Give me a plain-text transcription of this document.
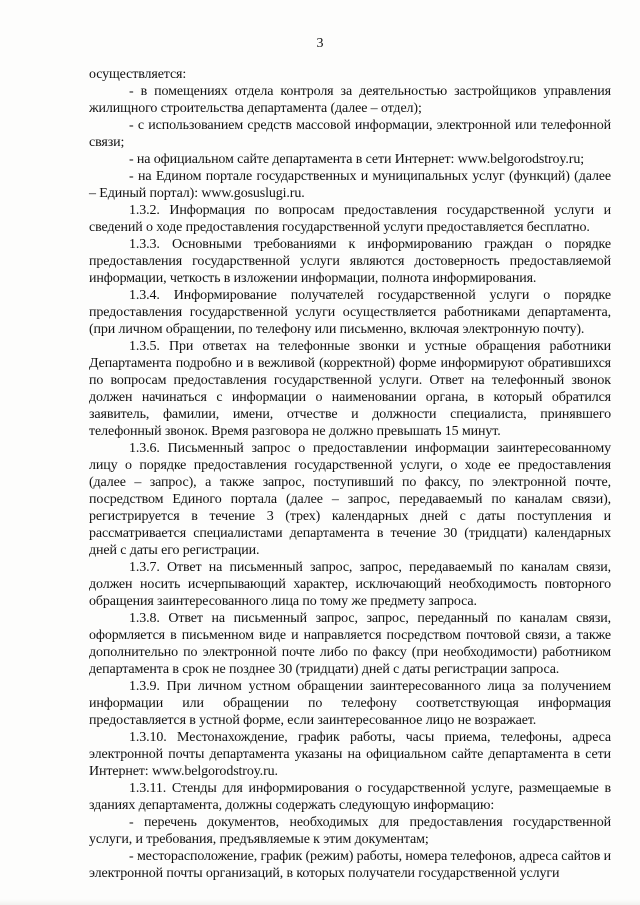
3

осуществляется:

- в помещениях отдела контроля за деятельностью застройщиков управления жилищного строительства департамента (далее – отдел);

- с использованием средств массовой информации, электронной или телефонной связи;

- на официальном сайте департамента в сети Интернет: www.belgorodstroy.ru;

- на Едином портале государственных и муниципальных услуг (функций) (далее – Единый портал): www.gosuslugi.ru.

1.3.2. Информация по вопросам предоставления государственной услуги и сведений о ходе предоставления государственной услуги предоставляется бесплатно.

1.3.3. Основными требованиями к информированию граждан о порядке предоставления государственной услуги являются достоверность предоставляемой информации, четкость в изложении информации, полнота информирования.

1.3.4. Информирование получателей государственной услуги о порядке предоставления государственной услуги осуществляется работниками департамента, (при личном обращении, по телефону или письменно, включая электронную почту).

1.3.5. При ответах на телефонные звонки и устные обращения работники Департамента подробно и в вежливой (корректной) форме информируют обратившихся по вопросам предоставления государственной услуги. Ответ на телефонный звонок должен начинаться с информации о наименовании органа, в который обратился заявитель, фамилии, имени, отчестве и должности специалиста, принявшего телефонный звонок. Время разговора не должно превышать 15 минут.

1.3.6. Письменный запрос о предоставлении информации заинтересованному лицу о порядке предоставления государственной услуги, о ходе ее предоставления (далее – запрос), а также запрос, поступивший по факсу, по электронной почте, посредством Единого портала (далее – запрос, передаваемый по каналам связи), регистрируется в течение 3 (трех) календарных дней с даты поступления и рассматривается специалистами департамента в течение 30 (тридцати) календарных дней с даты его регистрации.

1.3.7. Ответ на письменный запрос, запрос, передаваемый по каналам связи, должен носить исчерпывающий характер, исключающий необходимость повторного обращения заинтересованного лица по тому же предмету запроса.

1.3.8. Ответ на письменный запрос, запрос, переданный по каналам связи, оформляется в письменном виде и направляется посредством почтовой связи, а также дополнительно по электронной почте либо по факсу (при необходимости) работником департамента в срок не позднее 30 (тридцати) дней с даты регистрации запроса.

1.3.9. При личном устном обращении заинтересованного лица за получением информации или обращении по телефону соответствующая информация предоставляется в устной форме, если заинтересованное лицо не возражает.

1.3.10. Местонахождение, график работы, часы приема, телефоны, адреса электронной почты департамента указаны на официальном сайте департамента в сети Интернет: www.belgorodstroy.ru.

1.3.11. Стенды для информирования о государственной услуге, размещаемые в зданиях департамента, должны содержать следующую информацию:

- перечень документов, необходимых для предоставления государственной услуги, и требования, предъявляемые к этим документам;

- месторасположение, график (режим) работы, номера телефонов, адреса сайтов и электронной почты организаций, в которых получатели государственной услуги
